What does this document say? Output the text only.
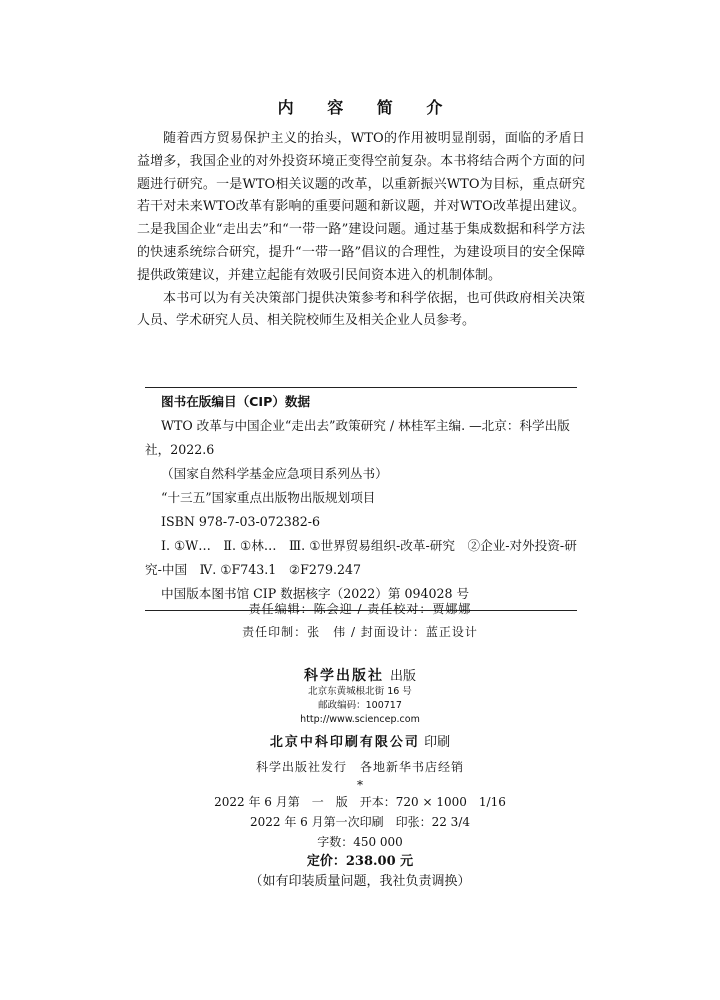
内 容 简 介

随着西方贸易保护主义的抬头，WTO的作用被明显削弱，面临的矛盾日益增多，我国企业的对外投资环境正变得空前复杂。本书将结合两个方面的问题进行研究。一是WTO相关议题的改革，以重新振兴WTO为目标，重点研究若干对未来WTO改革有影响的重要问题和新议题，并对WTO改革提出建议。二是我国企业“走出去”和“一带一路”建设问题。通过基于集成数据和科学方法的快速系统综合研究，提升“一带一路”倡议的合理性，为建设项目的安全保障提供政策建议，并建立起能有效吸引民间资本进入的机制体制。

本书可以为有关决策部门提供决策参考和科学依据，也可供政府相关决策人员、学术研究人员、相关院校师生及相关企业人员参考。

图书在版编目（CIP）数据
WTO 改革与中国企业“走出去”政策研究 / 林桂军主编. —北京：科学出版社，2022.6
（国家自然科学基金应急项目系列丛书）
“十三五”国家重点出版物出版规划项目
ISBN 978-7-03-072382-6
Ⅰ. ①W…　Ⅱ. ①林…　Ⅲ. ①世界贸易组织-改革-研究　②企业-对外投资-研究-中国　Ⅳ. ①F743.1　②F279.247
中国版本图书馆 CIP 数据核字（2022）第 094028 号
责任编辑：陈会迎 / 责任校对：贾娜娜
责任印制：张　伟 / 封面设计：蓝正设计
科学出版社 出版
北京东黄城根北街 16 号
邮政编码：100717
http://www.sciencep.com
北京中科印刷有限公司 印刷
科学出版社发行　各地新华书店经销
*
2022 年 6 月第　一　版　开本：720 × 1000　1/16
2022 年 6 月第一次印刷　印张：22 3/4
字数：450 000
定价：238.00 元
（如有印装质量问题，我社负责调换）
